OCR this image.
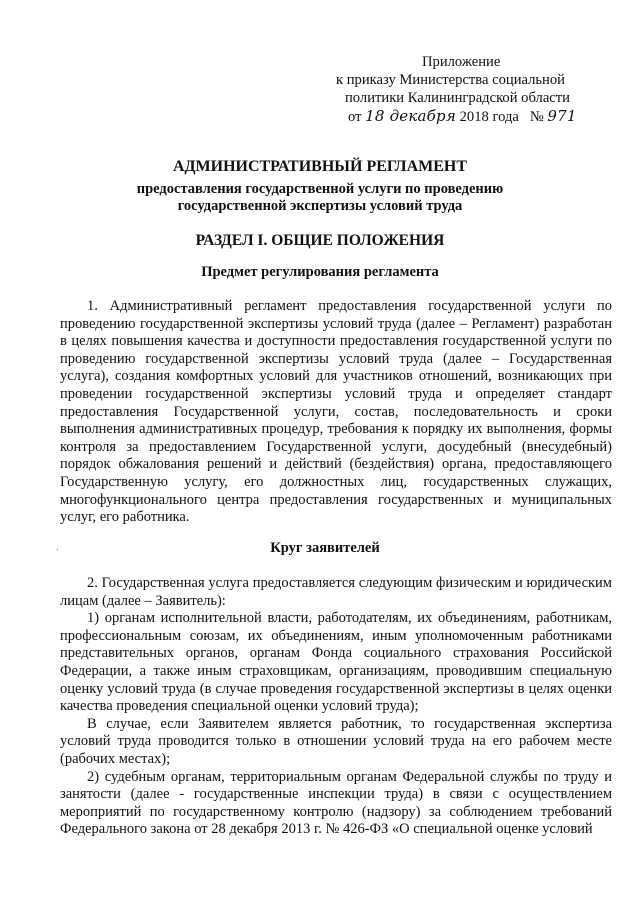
Приложение
к приказу Министерства социальной
политики Калининградской области
от 18 декабря 2018 года № 971
АДМИНИСТРАТИВНЫЙ РЕГЛАМЕНТ
предоставления государственной услуги по проведению
государственной экспертизы условий труда
РАЗДЕЛ I. ОБЩИЕ ПОЛОЖЕНИЯ
Предмет регулирования регламента
1. Административный регламент предоставления государственной услуги по проведению государственной экспертизы условий труда (далее – Регламент) разработан в целях повышения качества и доступности предоставления государственной услуги по проведению государственной экспертизы условий труда (далее – Государственная услуга), создания комфортных условий для участников отношений, возникающих при проведении государственной экспертизы условий труда и определяет стандарт предоставления Государственной услуги, состав, последовательность и сроки выполнения административных процедур, требования к порядку их выполнения, формы контроля за предоставлением Государственной услуги, досудебный (внесудебный) порядок обжалования решений и действий (бездействия) органа, предоставляющего Государственную услугу, его должностных лиц, государственных служащих, многофункционального центра предоставления государственных и муниципальных услуг, его работника.
Круг заявителей
2. Государственная услуга предоставляется следующим физическим и юридическим лицам (далее – Заявитель):
1) органам исполнительной власти, работодателям, их объединениям, работникам, профессиональным союзам, их объединениям, иным уполномоченным работниками представительных органов, органам Фонда социального страхования Российской Федерации, а также иным страховщикам, организациям, проводившим специальную оценку условий труда (в случае проведения государственной экспертизы в целях оценки качества проведения специальной оценки условий труда);
В случае, если Заявителем является работник, то государственная экспертиза условий труда проводится только в отношении условий труда на его рабочем месте (рабочих местах);
2) судебным органам, территориальным органам Федеральной службы по труду и занятости (далее - государственные инспекции труда) в связи с осуществлением мероприятий по государственному контролю (надзору) за соблюдением требований Федерального закона от 28 декабря 2013 г. № 426-ФЗ «О специальной оценке условий
